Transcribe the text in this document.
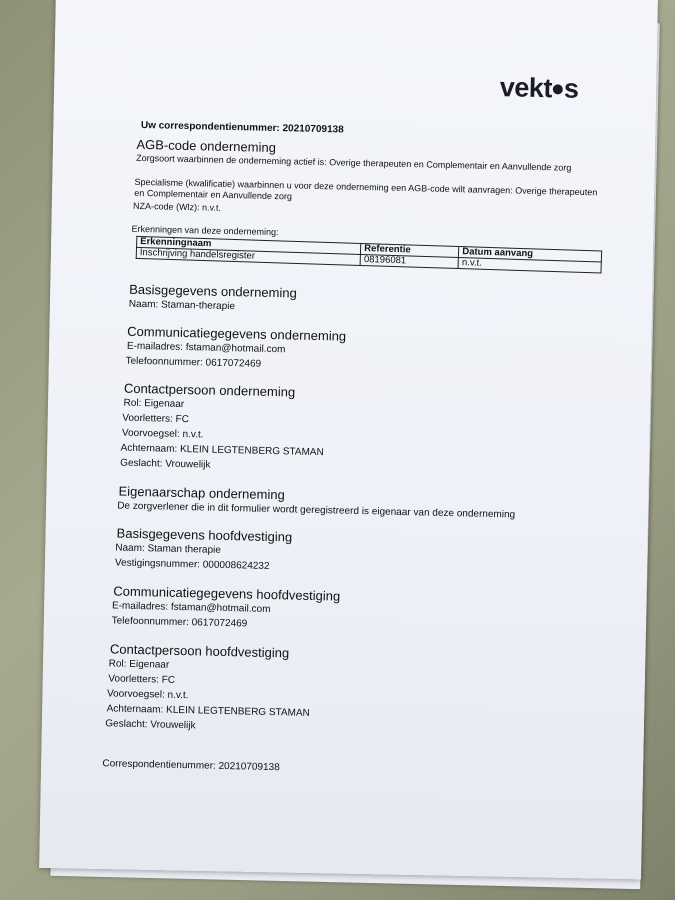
vekt s
Uw correspondentienummer: 20210709138
AGB-code onderneming
Zorgsoort waarbinnen de onderneming actief is: Overige therapeuten en Complementair en Aanvullende zorg
Specialisme (kwalificatie) waarbinnen u voor deze onderneming een AGB-code wilt aanvragen: Overige therapeuten en Complementair en Aanvullende zorg
NZA-code (Wlz): n.v.t.
Erkenningen van deze onderneming:
Erkenningnaam	Referentie	Datum aanvang
Inschrijving handelsregister	08196081	n.v.t.
Basisgegevens onderneming
Naam: Staman-therapie
Communicatiegegevens onderneming
E-mailadres: fstaman@hotmail.com
Telefoonnummer: 0617072469
Contactpersoon onderneming
Rol: Eigenaar
Voorletters: FC
Voorvoegsel: n.v.t.
Achternaam: KLEIN LEGTENBERG STAMAN
Geslacht: Vrouwelijk
Eigenaarschap onderneming
De zorgverlener die in dit formulier wordt geregistreerd is eigenaar van deze onderneming
Basisgegevens hoofdvestiging
Naam: Staman therapie
Vestigingsnummer: 000008624232
Communicatiegegevens hoofdvestiging
E-mailadres: fstaman@hotmail.com
Telefoonnummer: 0617072469
Contactpersoon hoofdvestiging
Rol: Eigenaar
Voorletters: FC
Voorvoegsel: n.v.t.
Achternaam: KLEIN LEGTENBERG STAMAN
Geslacht: Vrouwelijk
Correspondentienummer: 20210709138
